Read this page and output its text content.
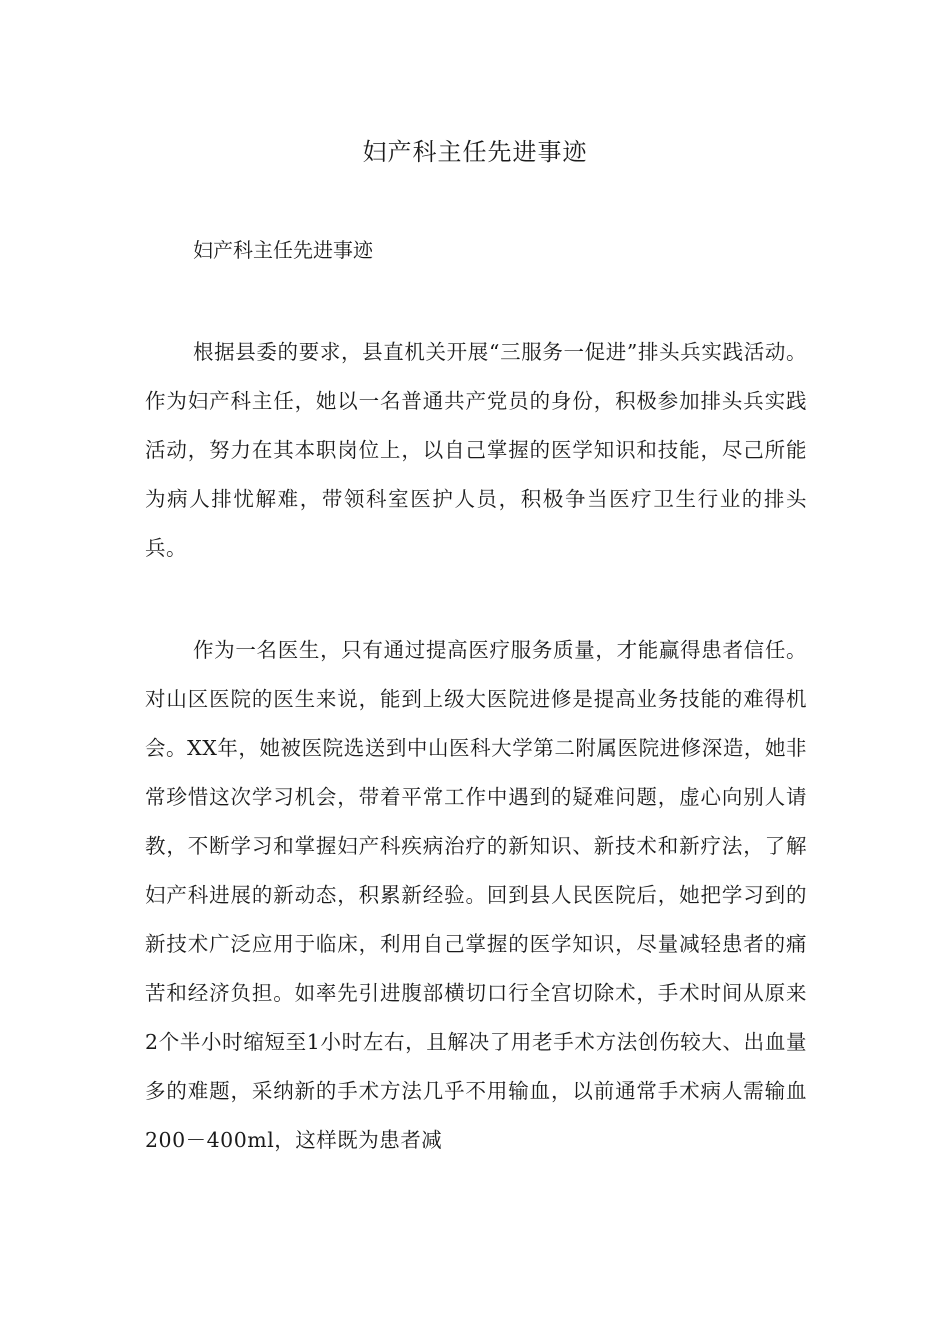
妇产科主任先进事迹
妇产科主任先进事迹

根据县委的要求，县直机关开展“三服务一促进”排头兵实践活动。作为妇产科主任，她以一名普通共产党员的身份，积极参加排头兵实践活动，努力在其本职岗位上，以自己掌握的医学知识和技能，尽己所能为病人排忧解难，带领科室医护人员，积极争当医疗卫生行业的排头兵。

作为一名医生，只有通过提高医疗服务质量，才能赢得患者信任。对山区医院的医生来说，能到上级大医院进修是提高业务技能的难得机会。XX年，她被医院选送到中山医科大学第二附属医院进修深造，她非常珍惜这次学习机会，带着平常工作中遇到的疑难问题，虚心向别人请教，不断学习和掌握妇产科疾病治疗的新知识、新技术和新疗法，了解妇产科进展的新动态，积累新经验。回到县人民医院后，她把学习到的新技术广泛应用于临床，利用自己掌握的医学知识，尽量减轻患者的痛苦和经济负担。如率先引进腹部横切口行全宫切除术，手术时间从原来2个半小时缩短至1小时左右，且解决了用老手术方法创伤较大、出血量多的难题，采纳新的手术方法几乎不用输血，以前通常手术病人需输血200－400ml，这样既为患者减
